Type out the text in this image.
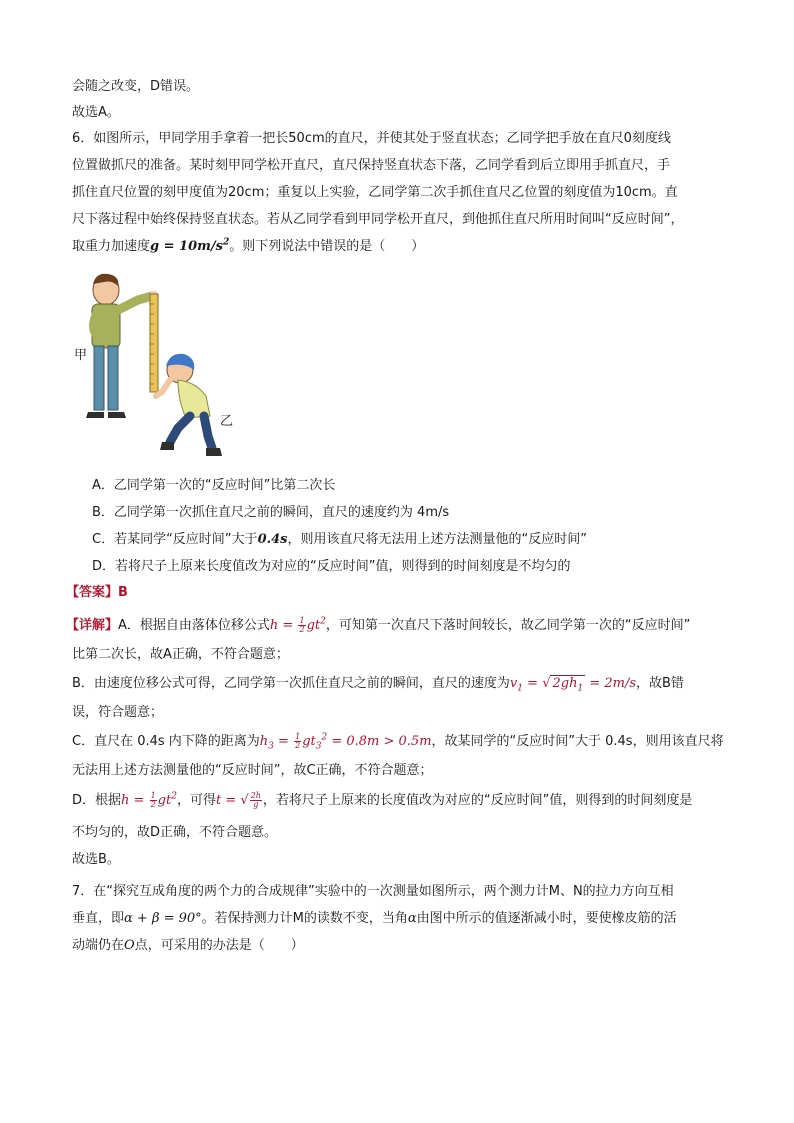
会随之改变，D错误。
故选A。
6．如图所示，甲同学用手拿着一把长50cm的直尺，并使其处于竖直状态；乙同学把手放在直尺0刻度线
位置做抓尺的准备。某时刻甲同学松开直尺，直尺保持竖直状态下落，乙同学看到后立即用手抓直尺，手
抓住直尺位置的刻甲度值为20cm；重复以上实验，乙同学第二次手抓住直尺乙位置的刻度值为10cm。直
尺下落过程中始终保持竖直状态。若从乙同学看到甲同学松开直尺，到他抓住直尺所用时间叫“反应时间”，
取重力加速度$g = 10m/s^2$。则下列说法中错误的是（　　）
甲
乙
A．乙同学第一次的“反应时间”比第二次长
B．乙同学第一次抓住直尺之前的瞬间，直尺的速度约为 4m/s
C．若某同学“反应时间”大于0.4s，则用该直尺将无法用上述方法测量他的“反应时间”
D．若将尺子上原来长度值改为对应的“反应时间”值，则得到的时间刻度是不均匀的
【答案】B
【详解】A．根据自由落体位移公式$h = \frac{1}{2} gt^2$，可知第一次直尺下落时间较长，故乙同学第一次的“反应时间”
比第二次长，故A正确，不符合题意；
B．由速度位移公式可得，乙同学第一次抓住直尺之前的瞬间，直尺的速度为$v_1$ = √ $2gh_1 = 2m/s$，故B错
误，符合题意；
C．直尺在 0.4s 内下降的距离为$h_3 = \frac{1}{2} gt_3^2 = 0.8m > 0.5m$，故某同学的“反应时间”大于 0.4s，则用该直尺将
无法用上述方法测量他的“反应时间”，故C正确，不符合题意；
D．根据$h = \frac{1}{2} gt^2$，可得t = √ $\frac{2h}{g}$ ，若将尺子上原来的长度值改为对应的“反应时间”值，则得到的时间刻度是
不均匀的，故D正确，不符合题意。
故选B。
7．在“探究互成角度的两个力的合成规律”实验中的一次测量如图所示，两个测力计M、N的拉力方向互相
垂直，即α + β = 90°。若保持测力计M的读数不变，当角α由图中所示的值逐渐减小时，要使橡皮筋的活
动端仍在O点，可采用的办法是（　　）
